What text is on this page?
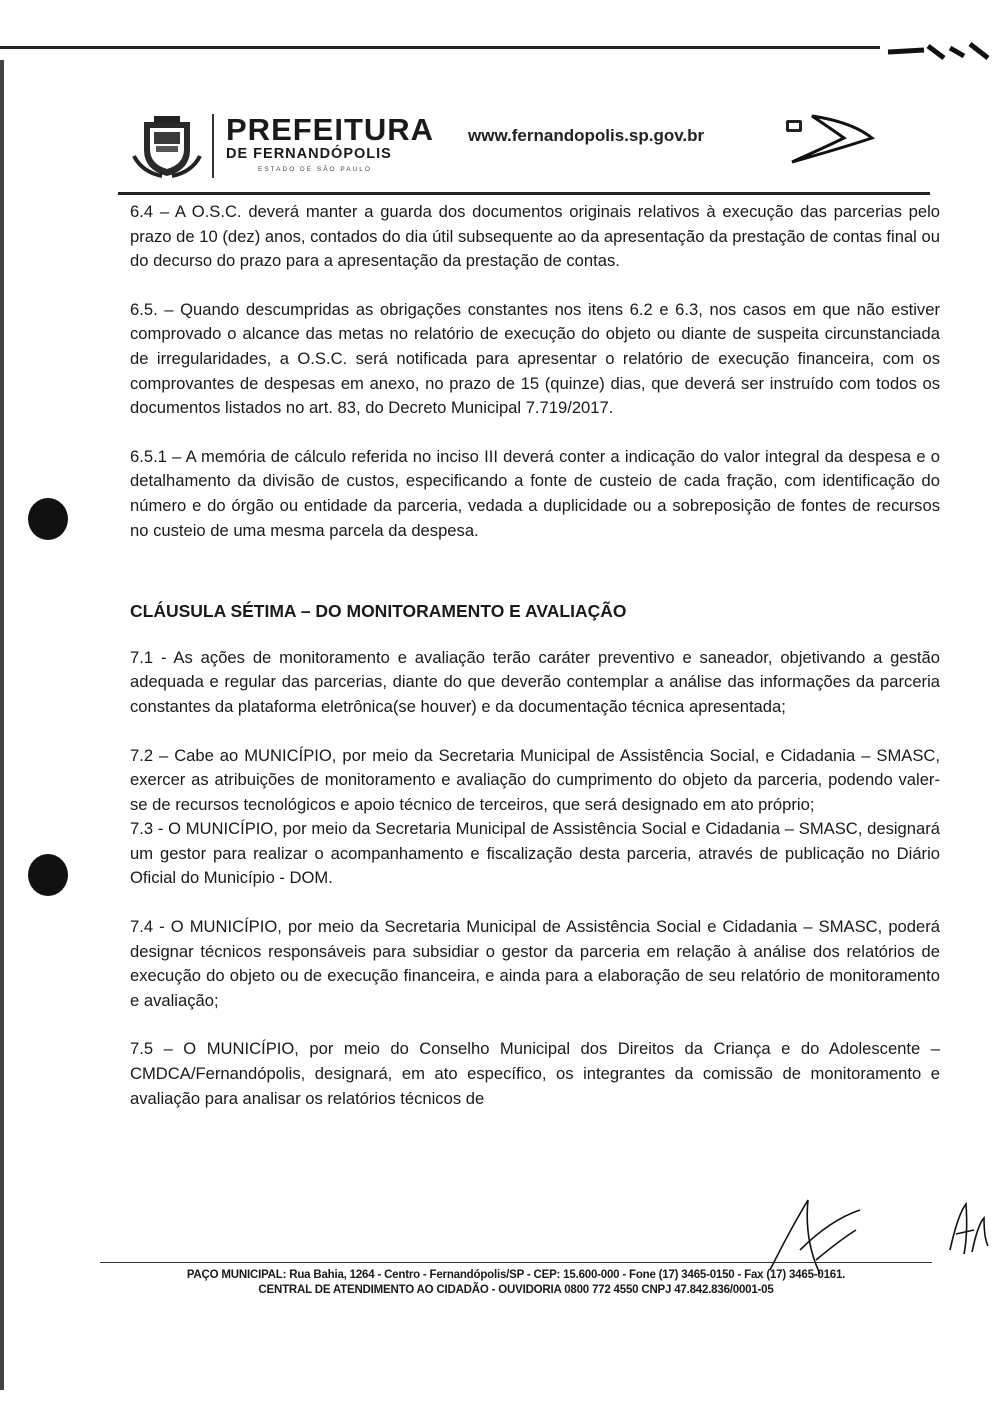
PREFEITURA
DE FERNANDÓPOLIS
ESTADO DE SÃO PAULO
www.fernandopolis.sp.gov.br

6.4 – A O.S.C. deverá manter a guarda dos documentos originais relativos à execução das parcerias pelo prazo de 10 (dez) anos, contados do dia útil subsequente ao da apresentação da prestação de contas final ou do decurso do prazo para a apresentação da prestação de contas.

6.5. – Quando descumpridas as obrigações constantes nos itens 6.2 e 6.3, nos casos em que não estiver comprovado o alcance das metas no relatório de execução do objeto ou diante de suspeita circunstanciada de irregularidades, a O.S.C. será notificada para apresentar o relatório de execução financeira, com os comprovantes de despesas em anexo, no prazo de 15 (quinze) dias, que deverá ser instruído com todos os documentos listados no art. 83, do Decreto Municipal 7.719/2017.

6.5.1 – A memória de cálculo referida no inciso III deverá conter a indicação do valor integral da despesa e o detalhamento da divisão de custos, especificando a fonte de custeio de cada fração, com identificação do número e do órgão ou entidade da parceria, vedada a duplicidade ou a sobreposição de fontes de recursos no custeio de uma mesma parcela da despesa.

CLÁUSULA SÉTIMA – DO MONITORAMENTO E AVALIAÇÃO

7.1 - As ações de monitoramento e avaliação terão caráter preventivo e saneador, objetivando a gestão adequada e regular das parcerias, diante do que deverão contemplar a análise das informações da parceria constantes da plataforma eletrônica(se houver) e da documentação técnica apresentada;

7.2 – Cabe ao MUNICÍPIO, por meio da Secretaria Municipal de Assistência Social, e Cidadania – SMASC, exercer as atribuições de monitoramento e avaliação do cumprimento do objeto da parceria, podendo valer-se de recursos tecnológicos e apoio técnico de terceiros, que será designado em ato próprio;

7.3 - O MUNICÍPIO, por meio da Secretaria Municipal de Assistência Social e Cidadania – SMASC, designará um gestor para realizar o acompanhamento e fiscalização desta parceria, através de publicação no Diário Oficial do Município - DOM.

7.4 - O MUNICÍPIO, por meio da Secretaria Municipal de Assistência Social e Cidadania – SMASC, poderá designar técnicos responsáveis para subsidiar o gestor da parceria em relação à análise dos relatórios de execução do objeto ou de execução financeira, e ainda para a elaboração de seu relatório de monitoramento e avaliação;

7.5 – O MUNICÍPIO, por meio do Conselho Municipal dos Direitos da Criança e do Adolescente – CMDCA/Fernandópolis, designará, em ato específico, os integrantes da comissão de monitoramento e avaliação para analisar os relatórios técnicos de

PAÇO MUNICIPAL: Rua Bahia, 1264 - Centro - Fernandópolis/SP - CEP: 15.600-000 - Fone (17) 3465-0150 - Fax (17) 3465-0161.
CENTRAL DE ATENDIMENTO AO CIDADÃO - OUVIDORIA 0800 772 4550 CNPJ 47.842.836/0001-05
